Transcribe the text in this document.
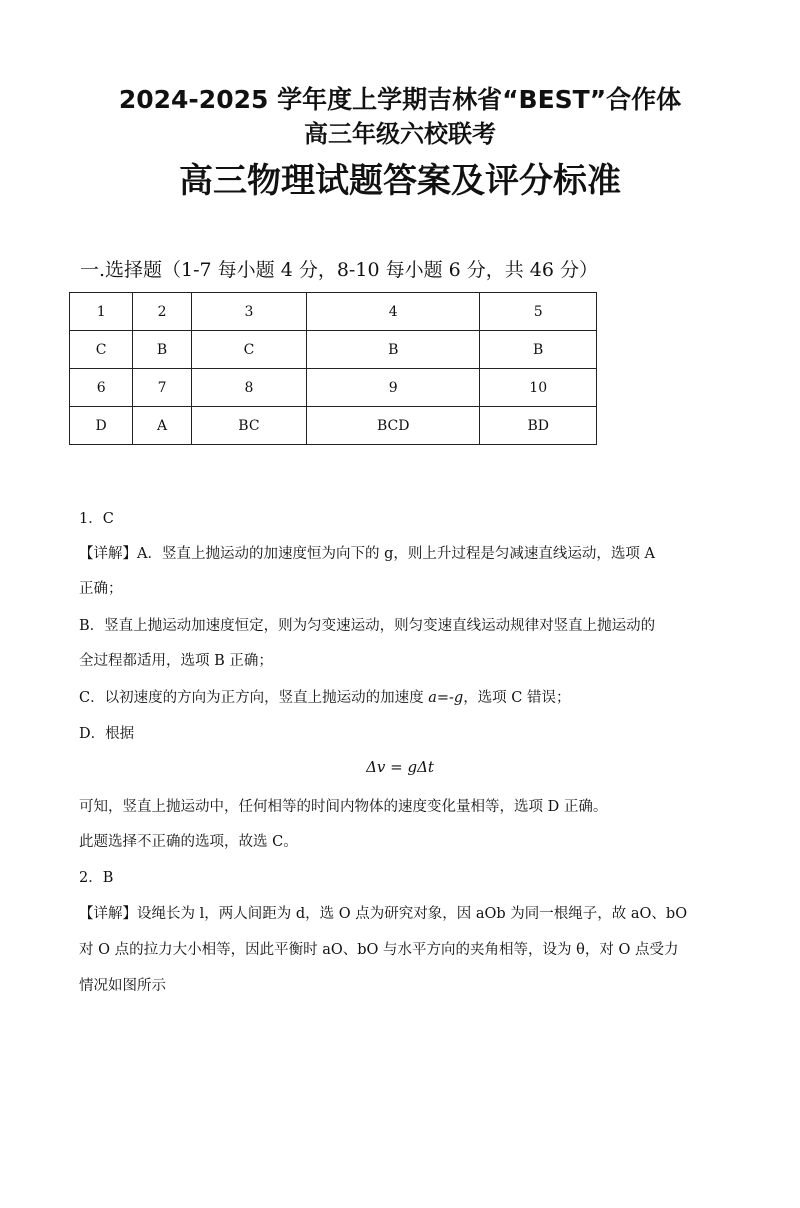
2024-2025 学年度上学期吉林省“BEST”合作体
高三年级六校联考
高三物理试题答案及评分标准
一.选择题（1-7 每小题 4 分，8-10 每小题 6 分，共 46 分）
1	2	3	4	5
C	B	C	B	B
6	7	8	9	10
D	A	BC	BCD	BD
1．C
【详解】A．竖直上抛运动的加速度恒为向下的 g，则上升过程是匀减速直线运动，选项 A
正确；
B．竖直上抛运动加速度恒定，则为匀变速运动，则匀变速直线运动规律对竖直上抛运动的
全过程都适用，选项 B 正确；
C．以初速度的方向为正方向，竖直上抛运动的加速度 a=-g，选项 C 错误；
D．根据
Δv = gΔt
可知，竖直上抛运动中，任何相等的时间内物体的速度变化量相等，选项 D 正确。
此题选择不正确的选项，故选 C。
2．B
【详解】设绳长为 l，两人间距为 d，选 O 点为研究对象，因 aOb 为同一根绳子，故 aO、bO
对 O 点的拉力大小相等，因此平衡时 aO、bO 与水平方向的夹角相等，设为 θ，对 O 点受力
情况如图所示
